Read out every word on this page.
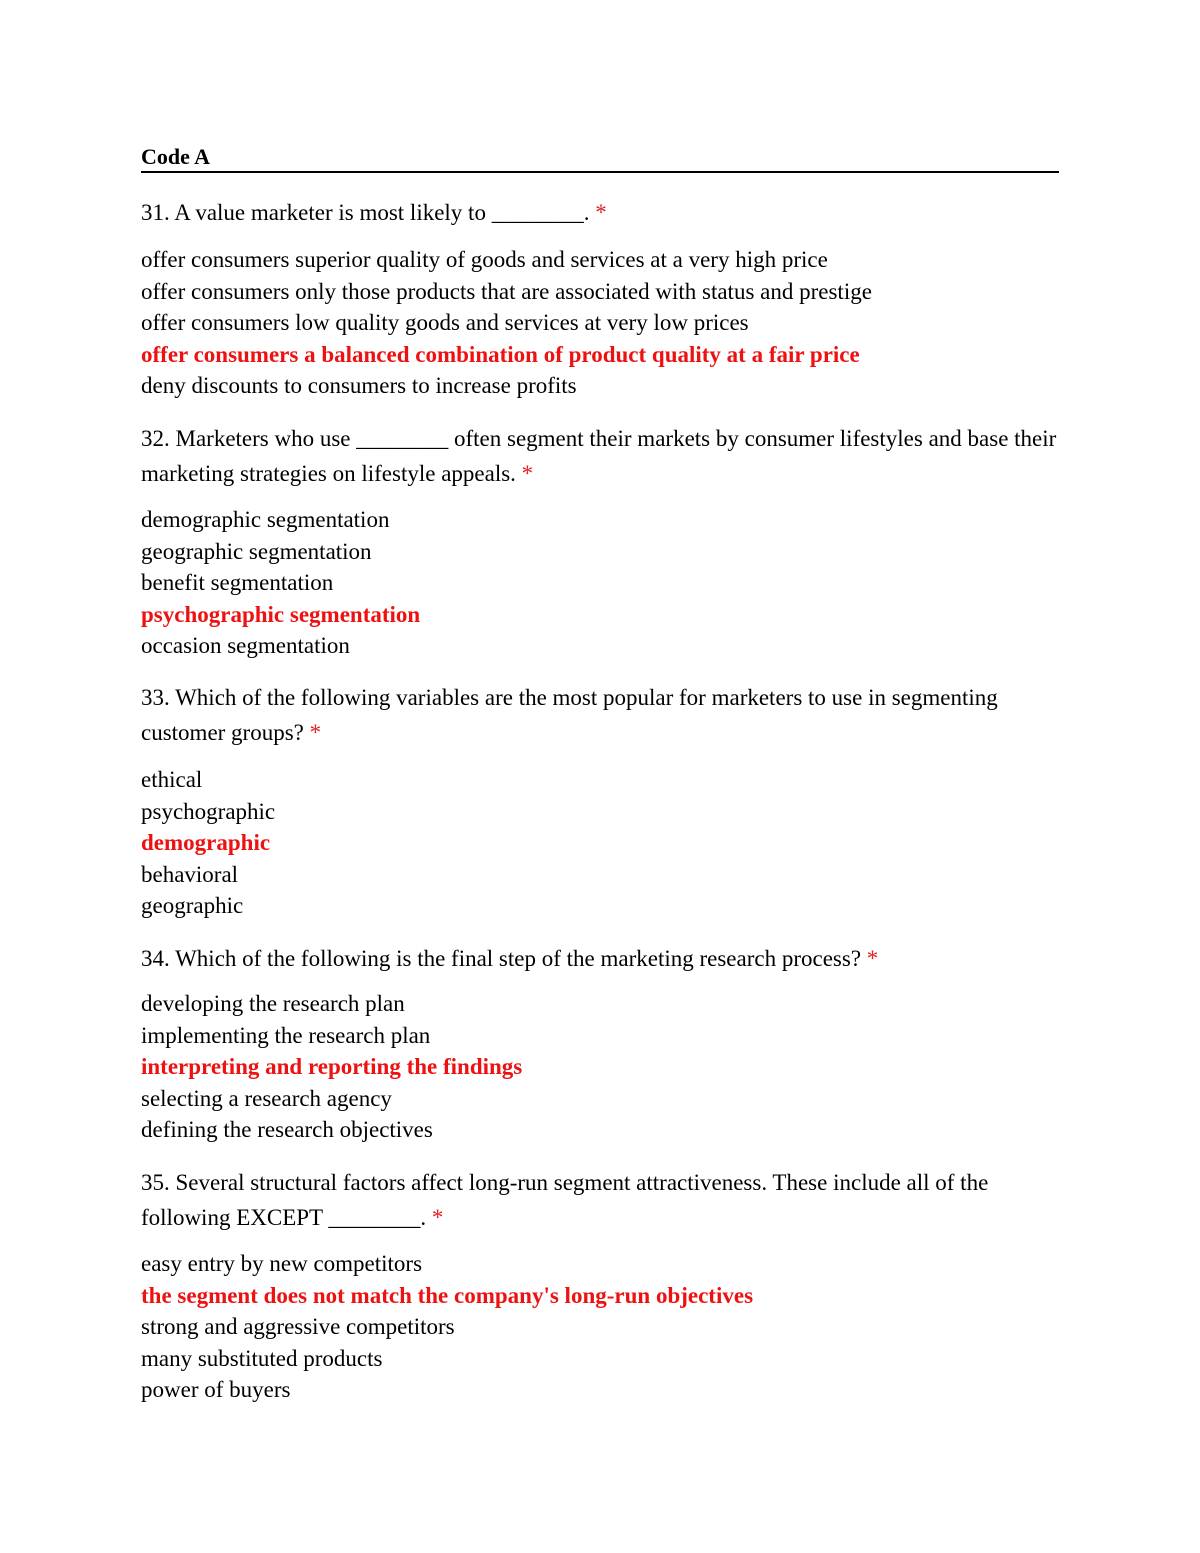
Code A

31. A value marketer is most likely to ________. *

offer consumers superior quality of goods and services at a very high price
offer consumers only those products that are associated with status and prestige
offer consumers low quality goods and services at very low prices
offer consumers a balanced combination of product quality at a fair price
deny discounts to consumers to increase profits

32. Marketers who use ________ often segment their markets by consumer lifestyles and base their marketing strategies on lifestyle appeals. *

demographic segmentation
geographic segmentation
benefit segmentation
psychographic segmentation
occasion segmentation

33. Which of the following variables are the most popular for marketers to use in segmenting customer groups? *

ethical
psychographic
demographic
behavioral
geographic

34. Which of the following is the final step of the marketing research process? *

developing the research plan
implementing the research plan
interpreting and reporting the findings
selecting a research agency
defining the research objectives

35. Several structural factors affect long-run segment attractiveness. These include all of the following EXCEPT ________. *

easy entry by new competitors
the segment does not match the company's long-run objectives
strong and aggressive competitors
many substituted products
power of buyers
